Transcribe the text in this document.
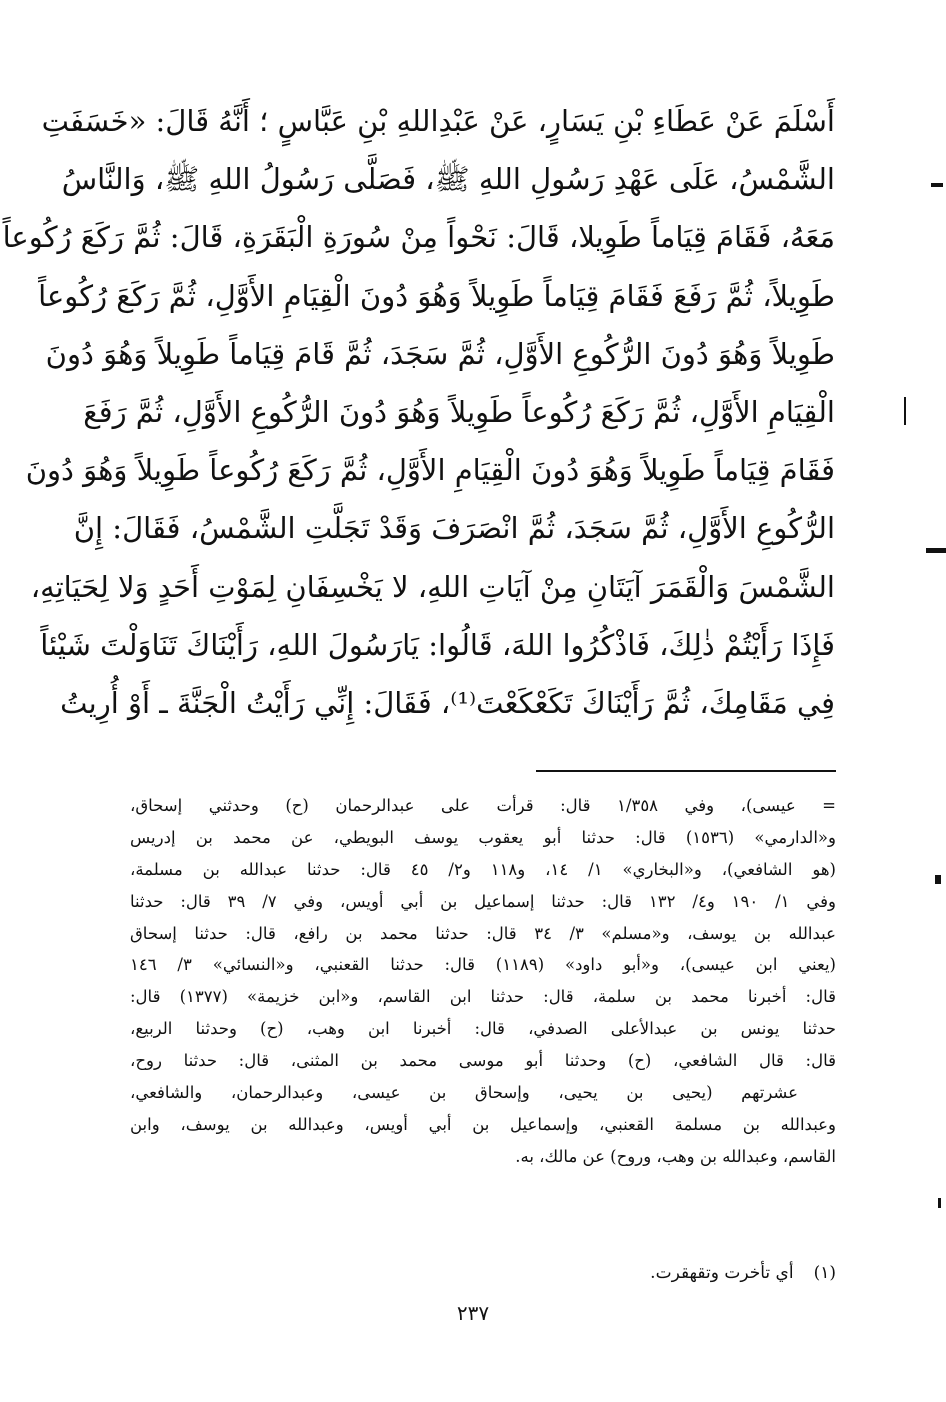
أَسْلَمَ عَنْ عَطَاءِ بْنِ يَسَارٍ، عَنْ عَبْدِاللهِ بْنِ عَبَّاسٍ ؛ أَنَّهُ قَالَ: «خَسَفَتِ
الشَّمْسُ، عَلَى عَهْدِ رَسُولِ اللهِ ﷺ، فَصَلَّى رَسُولُ اللهِ ﷺ، وَالنَّاسُ
مَعَهُ، فَقَامَ قِيَاماً طَوِيلا، قَالَ: نَحْواً مِنْ سُورَةِ الْبَقَرَةِ، قَالَ: ثُمَّ رَكَعَ رُكُوعاً
طَوِيلاً، ثُمَّ رَفَعَ فَقَامَ قِيَاماً طَوِيلاً وَهُوَ دُونَ الْقِيَامِ الأَوَّلِ، ثُمَّ رَكَعَ رُكُوعاً
طَوِيلاً وَهُوَ دُونَ الرُّكُوعِ الأَوَّلِ، ثُمَّ سَجَدَ، ثُمَّ قَامَ قِيَاماً طَوِيلاً وَهُوَ دُونَ
الْقِيَامِ الأَوَّلِ، ثُمَّ رَكَعَ رُكُوعاً طَوِيلاً وَهُوَ دُونَ الرُّكُوعِ الأَوَّلِ، ثُمَّ رَفَعَ
فَقَامَ قِيَاماً طَوِيلاً وَهُوَ دُونَ الْقِيَامِ الأَوَّلِ، ثُمَّ رَكَعَ رُكُوعاً طَوِيلاً وَهُوَ دُونَ
الرُّكُوعِ الأَوَّلِ، ثُمَّ سَجَدَ، ثُمَّ انْصَرَفَ وَقَدْ تَجَلَّتِ الشَّمْسُ، فَقَالَ: إِنَّ
الشَّمْسَ وَالْقَمَرَ آيَتَانِ مِنْ آيَاتِ اللهِ، لا يَخْسِفَانِ لِمَوْتِ أَحَدٍ وَلا لِحَيَاتِهِ،
فَإِذَا رَأَيْتُمْ ذٰلِكَ، فَاذْكُرُوا اللهَ، قَالُوا: يَارَسُولَ اللهِ، رَأَيْنَاكَ تَنَاوَلْتَ شَيْئاً
فِي مَقَامِكَ، ثُمَّ رَأَيْنَاكَ تَكَعْكَعْتَ⁽¹⁾، فَقَالَ: إِنِّي رَأَيْتُ الْجَنَّةَ ـ أَوْ أُرِيتُ
= عيسى)، وفي ١/٣٥٨ قال: قرأت على عبدالرحمان (ح) وحدثني إسحاق،
و«الدارمي» (١٥٣٦) قال: حدثنا أبو يعقوب يوسف البويطي، عن محمد بن إدريس
(هو الشافعي)، و«البخاري» ١/ ١٤، و١١٨ و٢/ ٤٥ قال: حدثنا عبدالله بن مسلمة،
وفي ١/ ١٩٠ و٤/ ١٣٢ قال: حدثنا إسماعيل بن أبي أويس، وفي ٧/ ٣٩ قال: حدثنا
عبدالله بن يوسف، و«مسلم» ٣/ ٣٤ قال: حدثنا محمد بن رافع، قال: حدثنا إسحاق
(يعني ابن عيسى)، و«أبو داود» (١١٨٩) قال: حدثنا القعنبي، و«النسائي» ٣/ ١٤٦
قال: أخبرنا محمد بن سلمة، قال: حدثنا ابن القاسم، و«ابن خزيمة» (١٣٧٧) قال:
حدثنا يونس بن عبدالأعلى الصدفي، قال: أخبرنا ابن وهب، (ح) وحدثنا الربيع،
قال: قال الشافعي، (ح) وحدثنا أبو موسى محمد بن المثنى، قال: حدثنا روح،
عشرتهم (يحيى بن يحيى، وإسحاق بن عيسى، وعبدالرحمان، والشافعي،
وعبدالله بن مسلمة القعنبي، وإسماعيل بن أبي أويس، وعبدالله بن يوسف، وابن
القاسم، وعبدالله بن وهب، وروح) عن مالك، به.
(١)أي تأخرت وتقهقرت.
٢٣٧
